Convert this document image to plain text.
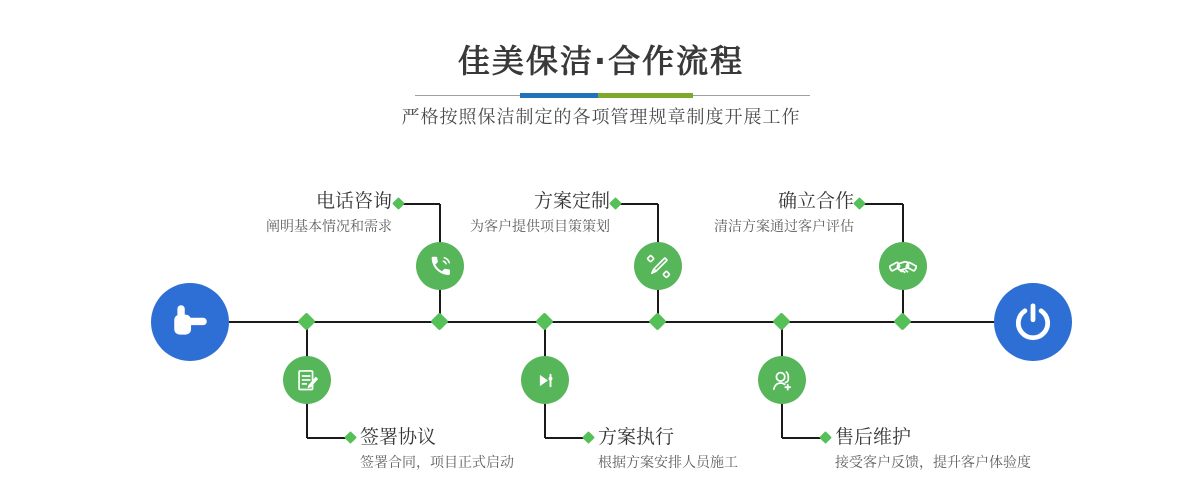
佳美保洁·合作流程

严格按照保洁制定的各项管理规章制度开展工作

电话咨询
阐明基本情况和需求
签署协议
签署合同，项目正式启动
方案定制
为客户提供项目策策划
方案执行
根据方案安排人员施工
确立合作
清洁方案通过客户评估
售后维护
接受客户反馈，提升客户体验度
